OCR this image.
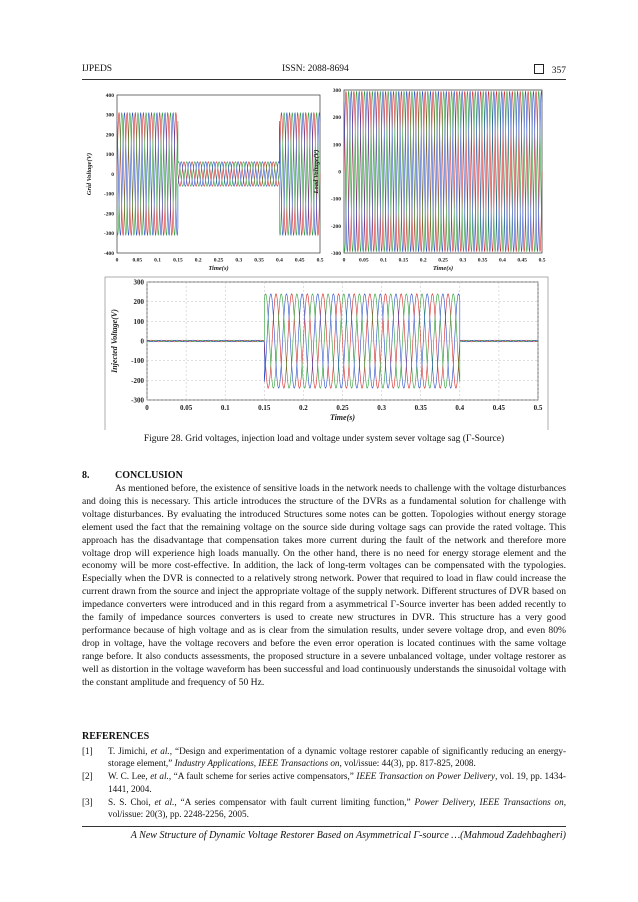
IJPEDS	ISSN: 2088-8694	357
400
300
200
100
0
-100
-200
-300
-400
0	0.05 0.1 0.15 0.2 0.25 0.3 0.35 0.4 0.45 0.5
Time(s)
Grid Voltage(V)
300
200
100
0
-100
-200
-300
0 0.05 0.1 0.15 0.2 0.25 0.3 0.35 0.4 0.45 0.5
Time(s)
Load Voltage(V)
300
200
100
0
-100
-200
-300
0	0.05	0.1	0.15	0.2	0.25	0.3	0.35	0.4	0.45	0.5
Time(s)
Injected Voltage(V)
Figure 28. Grid voltages, injection load and voltage under system sever voltage sag (Γ-Source)
8.	CONCLUSION

As mentioned before, the existence of sensitive loads in the network needs to challenge with the voltage disturbances and doing this is necessary. This article introduces the structure of the DVRs as a fundamental solution for challenge with voltage disturbances. By evaluating the introduced Structures some notes can be gotten. Topologies without energy storage element used the fact that the remaining voltage on the source side during voltage sags can provide the rated voltage. This approach has the disadvantage that compensation takes more current during the fault of the network and therefore more voltage drop will experience high loads manually. On the other hand, there is no need for energy storage element and the economy will be more cost-effective. In addition, the lack of long-term voltages can be compensated with the typologies. Especially when the DVR is connected to a relatively strong network. Power that required to load in flaw could increase the current drawn from the source and inject the appropriate voltage of the supply network. Different structures of DVR based on impedance converters were introduced and in this regard from a asymmetrical Γ-Source inverter has been added recently to the family of impedance sources converters is used to create new structures in DVR. This structure has a very good performance because of high voltage and as is clear from the simulation results, under severe voltage drop, and even 80% drop in voltage, have the voltage recovers and before the even error operation is located continues with the same voltage range before. It also conducts assessments, the proposed structure in a severe unbalanced voltage, under voltage restorer as well as distortion in the voltage waveform has been successful and load continuously understands the sinusoidal voltage with the constant amplitude and frequency of 50 Hz.

REFERENCES
[1] T. Jimichi, et al., “Design and experimentation of a dynamic voltage restorer capable of significantly reducing an energy-storage element,” Industry Applications, IEEE Transactions on, vol/issue: 44(3), pp. 817-825, 2008.
[2] W. C. Lee, et al., “A fault scheme for series active compensators,” IEEE Transaction on Power Delivery, vol. 19, pp. 1434-1441, 2004.
[3] S. S. Choi, et al., “A series compensator with fault current limiting function,” Power Delivery, IEEE Transactions on, vol/issue: 20(3), pp. 2248-2256, 2005.
A New Structure of Dynamic Voltage Restorer Based on Asymmetrical Γ-source …(Mahmoud Zadehbagheri)
